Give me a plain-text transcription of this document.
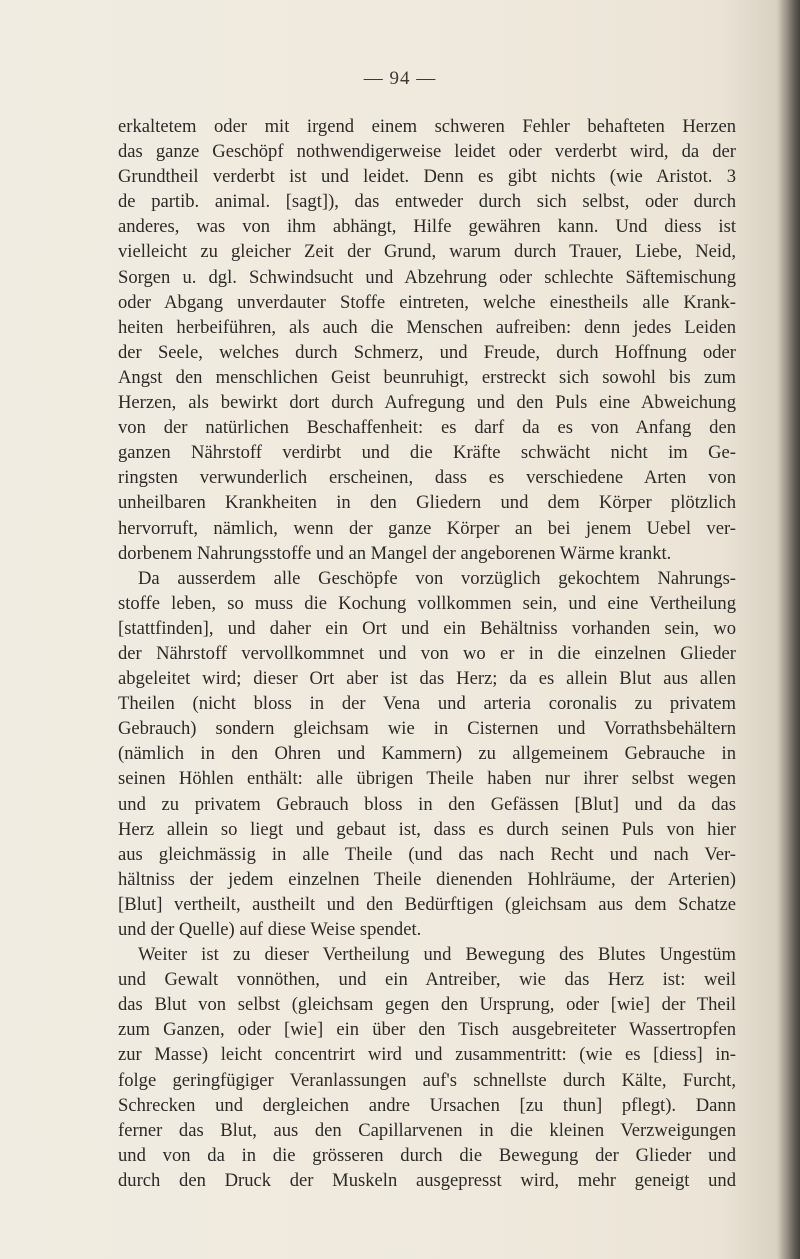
— 94 —
erkaltetem oder mit irgend einem schweren Fehler behafteten Herzen
das ganze Geschöpf nothwendigerweise leidet oder verderbt wird, da der
Grundtheil verderbt ist und leidet. Denn es gibt nichts (wie Aristot. 3
de partib. animal. [sagt]), das entweder durch sich selbst, oder durch
anderes, was von ihm abhängt, Hilfe gewähren kann. Und diess ist
vielleicht zu gleicher Zeit der Grund, warum durch Trauer, Liebe, Neid,
Sorgen u. dgl. Schwindsucht und Abzehrung oder schlechte Säftemischung
oder Abgang unverdauter Stoffe eintreten, welche einestheils alle Krank-
heiten herbeiführen, als auch die Menschen aufreiben: denn jedes Leiden
der Seele, welches durch Schmerz, und Freude, durch Hoffnung oder
Angst den menschlichen Geist beunruhigt, erstreckt sich sowohl bis zum
Herzen, als bewirkt dort durch Aufregung und den Puls eine Abweichung
von der natürlichen Beschaffenheit: es darf da es von Anfang den
ganzen Nährstoff verdirbt und die Kräfte schwächt nicht im Ge-
ringsten verwunderlich erscheinen, dass es verschiedene Arten von
unheilbaren Krankheiten in den Gliedern und dem Körper plötzlich
hervorruft, nämlich, wenn der ganze Körper an bei jenem Uebel ver-
dorbenem Nahrungsstoffe und an Mangel der angeborenen Wärme krankt.
Da ausserdem alle Geschöpfe von vorzüglich gekochtem Nahrungs-
stoffe leben, so muss die Kochung vollkommen sein, und eine Vertheilung
[stattfinden], und daher ein Ort und ein Behältniss vorhanden sein, wo
der Nährstoff vervollkommnet und von wo er in die einzelnen Glieder
abgeleitet wird; dieser Ort aber ist das Herz; da es allein Blut aus allen
Theilen (nicht bloss in der Vena und arteria coronalis zu privatem
Gebrauch) sondern gleichsam wie in Cisternen und Vorrathsbehältern
(nämlich in den Ohren und Kammern) zu allgemeinem Gebrauche in
seinen Höhlen enthält: alle übrigen Theile haben nur ihrer selbst wegen
und zu privatem Gebrauch bloss in den Gefässen [Blut] und da das
Herz allein so liegt und gebaut ist, dass es durch seinen Puls von hier
aus gleichmässig in alle Theile (und das nach Recht und nach Ver-
hältniss der jedem einzelnen Theile dienenden Hohlräume, der Arterien)
[Blut] vertheilt, austheilt und den Bedürftigen (gleichsam aus dem Schatze
und der Quelle) auf diese Weise spendet.
Weiter ist zu dieser Vertheilung und Bewegung des Blutes Ungestüm
und Gewalt vonnöthen, und ein Antreiber, wie das Herz ist: weil
das Blut von selbst (gleichsam gegen den Ursprung, oder [wie] der Theil
zum Ganzen, oder [wie] ein über den Tisch ausgebreiteter Wassertropfen
zur Masse) leicht concentrirt wird und zusammentritt: (wie es [diess] in-
folge geringfügiger Veranlassungen auf's schnellste durch Kälte, Furcht,
Schrecken und dergleichen andre Ursachen [zu thun] pflegt). Dann
ferner das Blut, aus den Capillarvenen in die kleinen Verzweigungen
und von da in die grösseren durch die Bewegung der Glieder und
durch den Druck der Muskeln ausgepresst wird, mehr geneigt und
